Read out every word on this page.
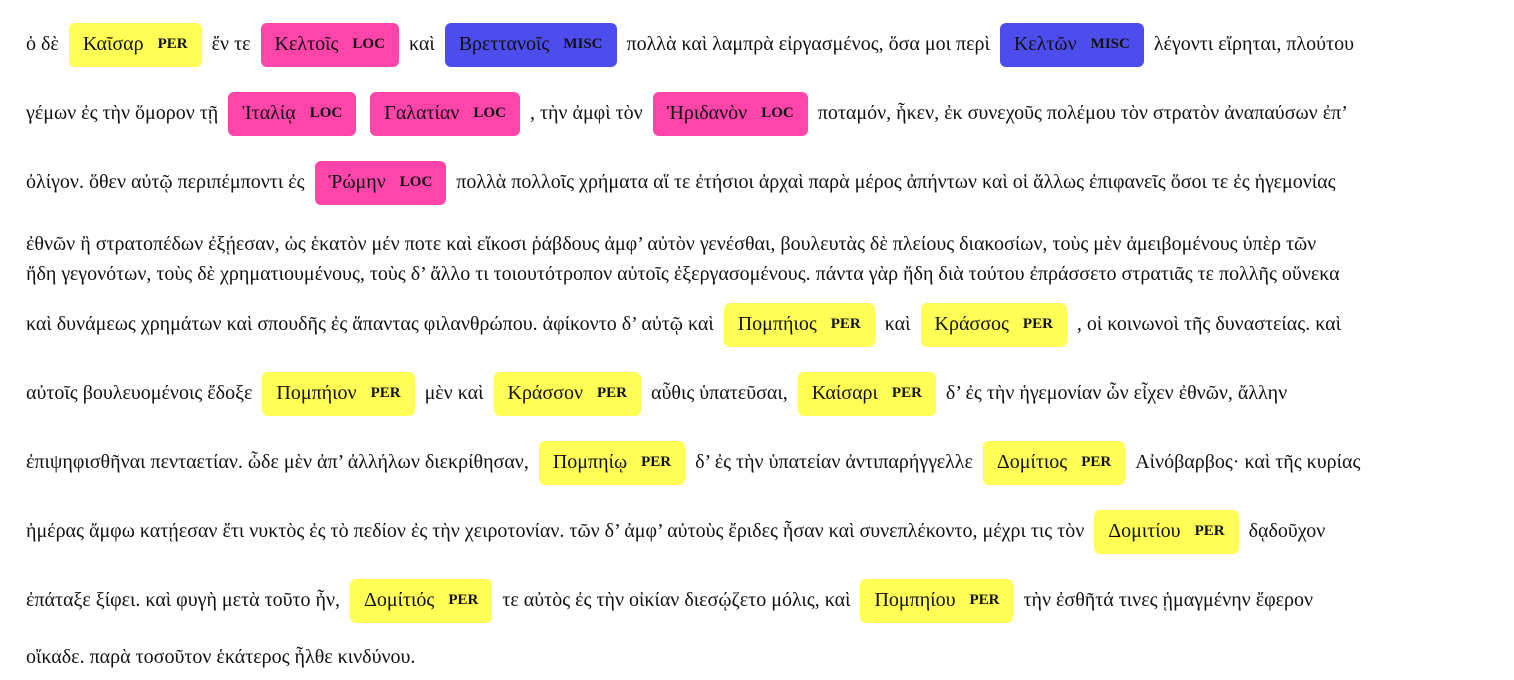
ὁ δὲ Καῖσαρ PER ἔν τε Κελτοῖς LOC καὶ Βρεττανοῖς MISC πολλὰ καὶ λαμπρὰ εἰργασμένος, ὅσα μοι περὶ Κελτῶν MISC λέγοντι εἴρηται, πλούτου
γέμων ἐς τὴν ὅμορον τῇ Ἰταλίᾳ LOC Γαλατίαν LOC , τὴν ἀμφὶ τὸν Ἠριδανὸν LOC ποταμόν, ἧκεν, ἐκ συνεχοῦς πολέμου τὸν στρατὸν ἀναπαύσων ἐπ’
ὀλίγον. ὅθεν αὐτῷ περιπέμποντι ἐς Ῥώμην LOC πολλὰ πολλοῖς χρήματα αἵ τε ἐτήσιοι ἀρχαὶ παρὰ μέρος ἀπήντων καὶ οἱ ἄλλως ἐπιφανεῖς ὅσοι τε ἐς ἡγεμονίας
ἐθνῶν ἢ στρατοπέδων ἐξῄεσαν, ὡς ἑκατὸν μέν ποτε καὶ εἴκοσι ῥάβδους ἀμφ’ αὐτὸν γενέσθαι, βουλευτὰς δὲ πλείους διακοσίων, τοὺς μὲν ἀμειβομένους ὑπὲρ τῶν
ἤδη γεγονότων, τοὺς δὲ χρηματιουμένους, τοὺς δ’ ἄλλο τι τοιουτότροπον αὑτοῖς ἐξεργασομένους. πάντα γὰρ ἤδη διὰ τούτου ἐπράσσετο στρατιᾶς τε πολλῆς οὕνεκα
καὶ δυνάμεως χρημάτων καὶ σπουδῆς ἐς ἅπαντας φιλανθρώπου. ἀφίκοντο δ’ αὐτῷ καὶ Πομπήιος PER καὶ Κράσσος PER , οἱ κοινωνοὶ τῆς δυναστείας. καὶ
αὐτοῖς βουλευομένοις ἔδοξε Πομπήιον PER μὲν καὶ Κράσσον PER αὖθις ὑπατεῦσαι, Καίσαρι PER δ’ ἐς τὴν ἡγεμονίαν ὧν εἶχεν ἐθνῶν, ἄλλην
ἐπιψηφισθῆναι πενταετίαν. ὧδε μὲν ἀπ’ ἀλλήλων διεκρίθησαν, Πομπηίῳ PER δ’ ἐς τὴν ὑπατείαν ἀντιπαρήγγελλε Δομίτιος PER Αἰνόβαρβος· καὶ τῆς κυρίας
ἡμέρας ἄμφω κατῄεσαν ἔτι νυκτὸς ἐς τὸ πεδίον ἐς τὴν χειροτονίαν. τῶν δ’ ἀμφ’ αὐτοὺς ἔριδες ἦσαν καὶ συνεπλέκοντο, μέχρι τις τὸν Δομιτίου PER δᾳδοῦχον
ἐπάταξε ξίφει. καὶ φυγὴ μετὰ τοῦτο ἦν, Δομίτιός PER τε αὐτὸς ἐς τὴν οἰκίαν διεσῴζετο μόλις, καὶ Πομπηίου PER τὴν ἐσθῆτά τινες ᾑμαγμένην ἔφερον
οἴκαδε. παρὰ τοσοῦτον ἑκάτερος ἦλθε κινδύνου.
